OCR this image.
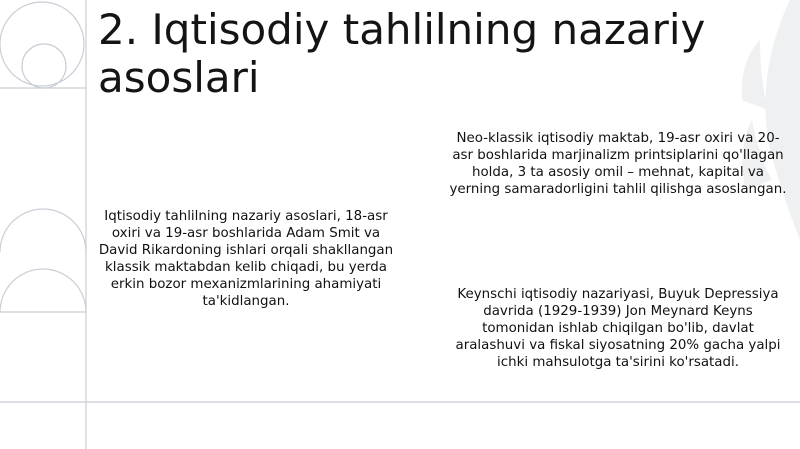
2. Iqtisodiy tahlilning nazariy asoslari

Iqtisodiy tahlilning nazariy asoslari, 18-asr oxiri va 19-asr boshlarida Adam Smit va David Rikardoning ishlari orqali shakllangan klassik maktabdan kelib chiqadi, bu yerda erkin bozor mexanizmlarining ahamiyati ta'kidlangan.

Neo-klassik iqtisodiy maktab, 19-asr oxiri va 20-asr boshlarida marjinalizm printsiplarini qo'llagan holda, 3 ta asosiy omil – mehnat, kapital va yerning samaradorligini tahlil qilishga asoslangan.

Keynschi iqtisodiy nazariyasi, Buyuk Depressiya davrida (1929-1939) Jon Meynard Keyns tomonidan ishlab chiqilgan bo'lib, davlat aralashuvi va fiskal siyosatning 20% gacha yalpi ichki mahsulotga ta'sirini ko'rsatadi.
